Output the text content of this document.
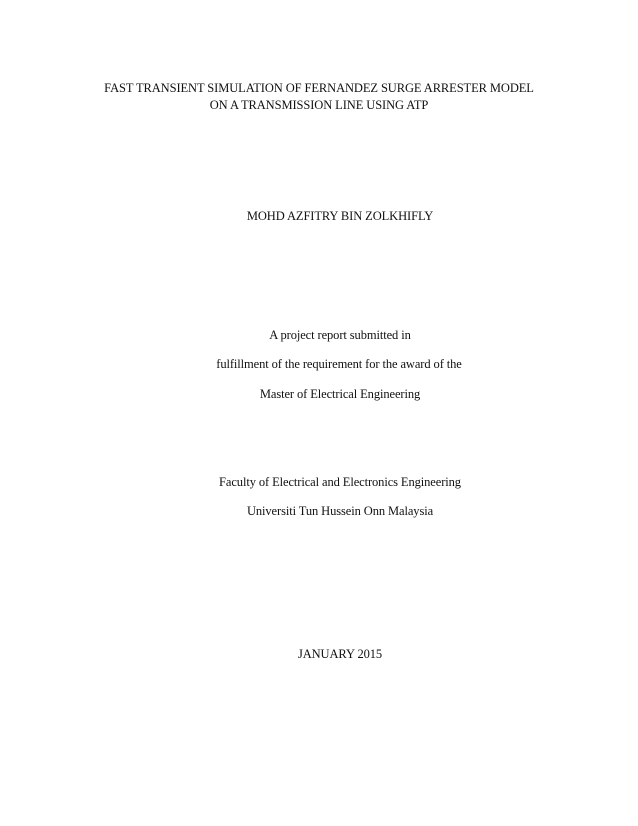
FAST TRANSIENT SIMULATION OF FERNANDEZ SURGE ARRESTER MODEL
ON A TRANSMISSION LINE USING ATP
MOHD AZFITRY BIN ZOLKHIFLY
A project report submitted in
fulfillment of the requirement for the award of the
Master of Electrical Engineering
Faculty of Electrical and Electronics Engineering
Universiti Tun Hussein Onn Malaysia
JANUARY 2015
